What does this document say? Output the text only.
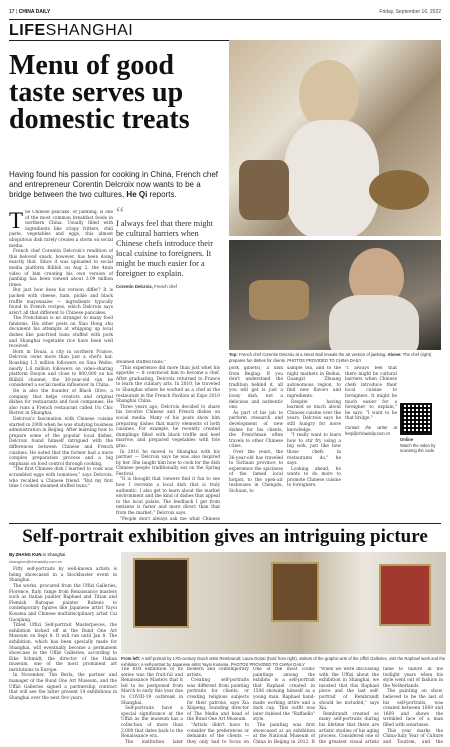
17 | CHINA DAILY	Friday, September 16, 2022
LIFESHANGHAI
Menu of good taste serves up domestic treats
Having found his passion for cooking in China, French chef and entrepreneur Corentin Delcroix now wants to be a bridge between the two cultures, He Qi reports.
Top: French chef Corentin Delcroix at a street stall reveals the art version of jianbing. Above: The chef (right) prepares fun dishes for clients. PHOTOS PROVIDED TO CHINA DAILY
T he Chinese pancake, or jianbing, is one of the most common breakfast foods in northern China. Usually filled with ingredients like crispy fritters, chili paste, vegetables and eggs, this almost ubiquitous dish rarely creates a storm on social media.

French chef Corentin Delcroix's rendition of this beloved snack, however, has been doing exactly that. Since it was uploaded to social media platform Bilibili on Aug 2, the 4min video of him creating his own version of jianbing has been viewed about 3.09 million times.

But just how does his version differ? It is packed with cheese, ham, pickle and black truffle mayonnaise — ingredients typically found in French recipes, which Delcroix says aren't all that different to Chinese pancakes.

The Frenchman is no stranger to many food fandoms. His other posts on Xiao Hong shu document his attempts at whipping up local dishes like pan-fried buns stuffed with pork and Shanghai vegetable rice have been well received.

Born in Douai, a city in northern France, Delcroix owns more than just a chef's hat. Boasting 1.5 million followers on Sina Weibo, nearly 1.6 million followers on video-sharing platform Douyin and close to 800,000 on his Bilibili channel, the 36-year-old can be considered a social media influencer in China.

He is also the founder of Black Olive, a company that helps creators and original dishes for restaurants and food companies. He also runs a French restaurant called Un Chic Bistrot in Shanghai.

Delcroix's fascination with Chinese cuisine started in 2008 when he was studying business administration in Beijing. After learning how to prepare some of the popular local dishes, Delcroix found himself intrigued with the differences between Chinese and French cuisines. He noted that the former had a more complex preparation process and a big emphasis on food control through cooking.

"The first Chinese dish I learned to cook was scrambled eggs with tomatoes," says Delcroix, who recalled a Chinese friend. "But my first time I cooked steamed stuffed buns."

“
I always feel that there might be cultural barriers when Chinese chefs introduce their local cuisine to foreigners. It might be much easier for a foreigner to explain.
Corentin Delcroix, French chef

steamed stuffed buns."

"This experience did more than just whet his appetite — it convinced him to become a chef. After graduating, Delcroix returned to France to learn the culinary arts. In 2010, he traveled to Shanghai where he worked as a chef at the restaurant in the French Pavilion at Expo 2010 Shanghai China.

Three years ago, Delcroix decided to share his favorite Chinese and French dishes on social media. Many of his posts show him preparing dishes that marry elements of both cuisines. For example, he recently created dumplings filled with black truffle and beef marrow, and prepared vegetables with foie gras.

In 2016 he moved to Shanghai with his partner — Delcroix says he was also inspired by her. She taught him how to cook for the dish Chinese people traditionally eat on the Spring Festival.

"It is thought that viewers find it fun to see how I recreate a local dish that is truly authentic. I also get to learn about the market environment and the kind of dishes that appeal to the local palate. The feedback I get from netizens is faster and more direct than that from the market," Delcroix says.

"People don't always ask me what Chinese

pork giblets), a dish from Beijing. If you don't understand the tradition behind it, all you will get is just a lousy dish, not a delicious and authentic one.

As part of his job to perform research and development of new dishes for his clients, the Frenchman often travels to other Chinese cities.

Over the years, the 36-year-old has traveled to Sichuan province to experience the spiciness of the famed local hotpot, to the open-air teahouses in Chengdu, Sichuan, to

sample tea, and to the night markets in Beihai, Guangxi Zhuang autonomous region, to find new flavors and ingredients.

Despite having learned so much about Chinese cuisine over the years, Delcroix says he still hungry for more knowledge.

"I really want to learn how to stir fry using a big wok, just like how those chefs in restaurants do," he says.

Looking ahead, he wants to do more to promote Chinese cuisine to foreigners.

"I always feel that there might be cultural barriers when Chinese chefs introduce their local cuisine to foreigners. It might be much easier for a foreigner to explain," he says. "I want to be that bridge."

Contact the writer at heqi@chinadaily.com.cn
Online
Watch the video by scanning the code.
Self-portrait exhibition gives an intriguing picture
From left: A self-portrait by 17th-century Dutch artist Rembrandt; Laura Dorati (hard from right), visitors of the graphic-arts of the Uffizi Galleries, visit the Raphael work and the exhibition; A self-portrait by Japanese artist Yayoi Kusama. PHOTOS PROVIDED TO CHINA DAILY
By ZHANG KUN in Shanghai
zhangkun@chinadaily.com.cn

Fifty self-portraits by well-known artists is being showcased in a blockbuster event in Shanghai.

The works, procured from the Uffizi Galleries, Florence, Italy, range from Renaissance masters such as Italian painter Raphael and Titian and Flemish Baroque painter Rubens to contemporary figures like Japanese artist Yayoi Kusama and Chinese multidisciplinary artist Cai Guoqiang.

Titled Uffizi Self-portrait Masterpieces, the exhibition kicked off at the Bund One Art Museum on Sept 8. It will run until Jan 8. The exhibition, which has been specially made for Shanghai, will eventually become a permanent showcase in the Uffizi Galleries, according to Eike Schmidt, the director of the Italian museum, one of the most prominent art institutions in Europe.

In November, Tim Berla, the partner and manager of the Bund One Art Museum, and the Uffizi Galleries signed a partnership contract that will see the latter present 14 exhibitions in Shanghai over the next five years.

The first exhibition of its series was the fruit-ful and Renaissance Masters that it led to be postponed from March to early this year due to COVID-19 outbreak in Shanghai.

Self-portraits have a special significance at the Uffizi as the museum has a collection of more than 2,000 that dates back to the Renaissance era.

The institution later

modern and contemporary artists.

Creating self-portraits was different from painting portraits for clients, or creating religious subjects for their patrons, says Xia Xinpeng, founding director of The Media and head of the Bund One Art Museum.

"Artists didn't have to consider the preferences or demands of the clients — they only had to focus on

One of the most iconic paintings among the exhibits is a self-portrait that Raphael created in 1506 showing himself as a young man. Raphael hand-made working attire and a dark cap. This outfit was later dubbed the "Raffaello" style.

The painting was first showcased at an exhibition at the National Museum of China in Beijing in 2012. It

"When we were discussing with the Uffizi about the exhibition in Shanghai, we insisted that this Raphael piece and the last self-portrait of Rembrandt should be included," says Xia.

Rembrandt created so many self-portraits during his lifetime that there are artistic studies of his aging process. Considered one of the greatest visual artists

fame to failure in his twilight years when his style went out of fashion in the Netherlands.

The painting on show, believed to be the last of his self-portraits, was created between 1669 and 1669 and shows the wrinkled face of a man filled with weariness.

This year marks the China-Italy Year of Culture and Tourism, and the
